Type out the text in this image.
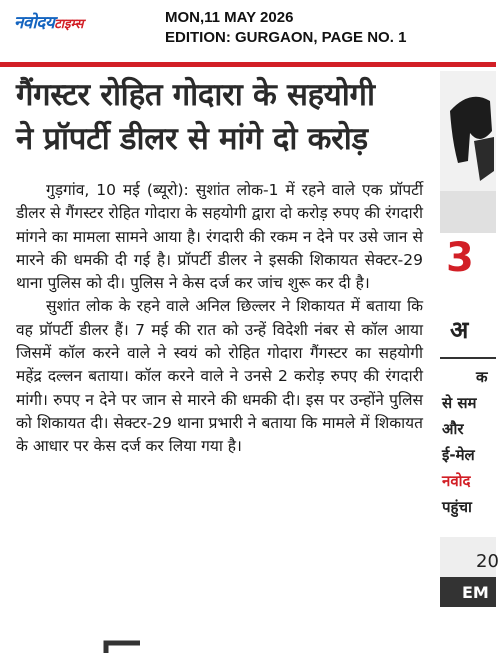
नवोदयटाइम्स	MON,11 MAY 2026
EDITION: GURGAON, PAGE NO. 1
गैंगस्टर रोहित गोदारा के सहयोगी
ने प्रॉपर्टी डीलर से मांगे दो करोड़

गुड़गांव, 10 मई (ब्यूरो): सुशांत लोक-1 में रहने वाले एक प्रॉपर्टी डीलर से गैंगस्टर रोहित गोदारा के सहयोगी द्वारा दो करोड़ रुपए की रंगदारी मांगने का मामला सामने आया है। रंगदारी की रकम न देने पर उसे जान से मारने की धमकी दी गई है। प्रॉपर्टी डीलर ने इसकी शिकायत सेक्टर-29 थाना पुलिस को दी। पुलिस ने केस दर्ज कर जांच शुरू कर दी है।

सुशांत लोक के रहने वाले अनिल छिल्लर ने शिकायत में बताया कि वह प्रॉपर्टी डीलर हैं। 7 मई की रात को उन्हें विदेशी नंबर से कॉल आया जिसमें कॉल करने वाले ने स्वयं को रोहित गोदारा गैंगस्टर का सहयोगी महेंद्र दल्लन बताया। कॉल करने वाले ने उनसे 2 करोड़ रुपए की रंगदारी मांगी। रुपए न देने पर जान से मारने की धमकी दी। इस पर उन्होंने पुलिस को शिकायत दी। सेक्टर-29 थाना प्रभारी ने बताया कि मामले में शिकायत के आधार पर केस दर्ज कर लिया गया है।

3
अ
क
से सम
और
ई-मेल
नवोद
पहुंचा
20
EM
